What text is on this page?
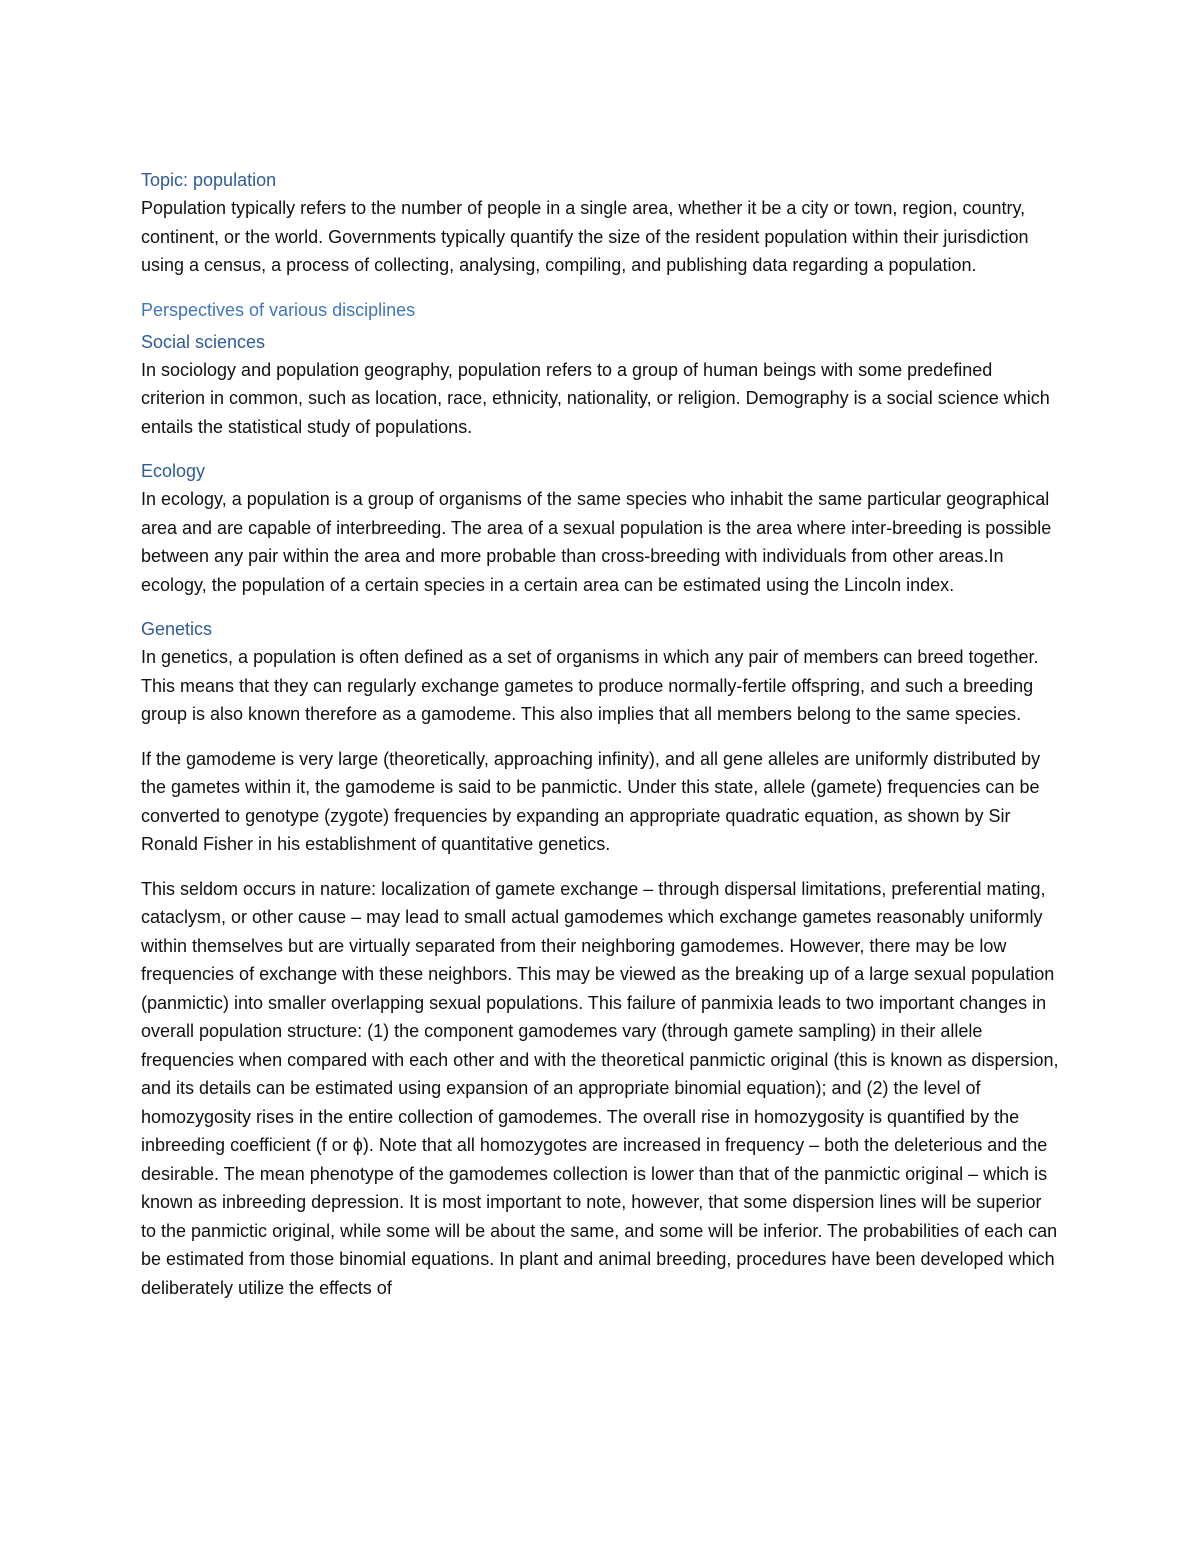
Topic: population

Population typically refers to the number of people in a single area, whether it be a city or town, region, country, continent, or the world. Governments typically quantify the size of the resident population within their jurisdiction using a census, a process of collecting, analysing, compiling, and publishing data regarding a population.

Perspectives of various disciplines
Social sciences

In sociology and population geography, population refers to a group of human beings with some predefined criterion in common, such as location, race, ethnicity, nationality, or religion. Demography is a social science which entails the statistical study of populations.

Ecology

In ecology, a population is a group of organisms of the same species who inhabit the same particular geographical area and are capable of interbreeding. The area of a sexual population is the area where inter-breeding is possible between any pair within the area and more probable than cross-breeding with individuals from other areas.In ecology, the population of a certain species in a certain area can be estimated using the Lincoln index.

Genetics

In genetics, a population is often defined as a set of organisms in which any pair of members can breed together. This means that they can regularly exchange gametes to produce normally-fertile offspring, and such a breeding group is also known therefore as a gamodeme. This also implies that all members belong to the same species.

If the gamodeme is very large (theoretically, approaching infinity), and all gene alleles are uniformly distributed by the gametes within it, the gamodeme is said to be panmictic. Under this state, allele (gamete) frequencies can be converted to genotype (zygote) frequencies by expanding an appropriate quadratic equation, as shown by Sir Ronald Fisher in his establishment of quantitative genetics.

This seldom occurs in nature: localization of gamete exchange – through dispersal limitations, preferential mating, cataclysm, or other cause – may lead to small actual gamodemes which exchange gametes reasonably uniformly within themselves but are virtually separated from their neighboring gamodemes. However, there may be low frequencies of exchange with these neighbors. This may be viewed as the breaking up of a large sexual population (panmictic) into smaller overlapping sexual populations. This failure of panmixia leads to two important changes in overall population structure: (1) the component gamodemes vary (through gamete sampling) in their allele frequencies when compared with each other and with the theoretical panmictic original (this is known as dispersion, and its details can be estimated using expansion of an appropriate binomial equation); and (2) the level of homozygosity rises in the entire collection of gamodemes. The overall rise in homozygosity is quantified by the inbreeding coefficient (f or ϕ). Note that all homozygotes are increased in frequency – both the deleterious and the desirable. The mean phenotype of the gamodemes collection is lower than that of the panmictic original – which is known as inbreeding depression. It is most important to note, however, that some dispersion lines will be superior to the panmictic original, while some will be about the same, and some will be inferior. The probabilities of each can be estimated from those binomial equations. In plant and animal breeding, procedures have been developed which deliberately utilize the effects of
